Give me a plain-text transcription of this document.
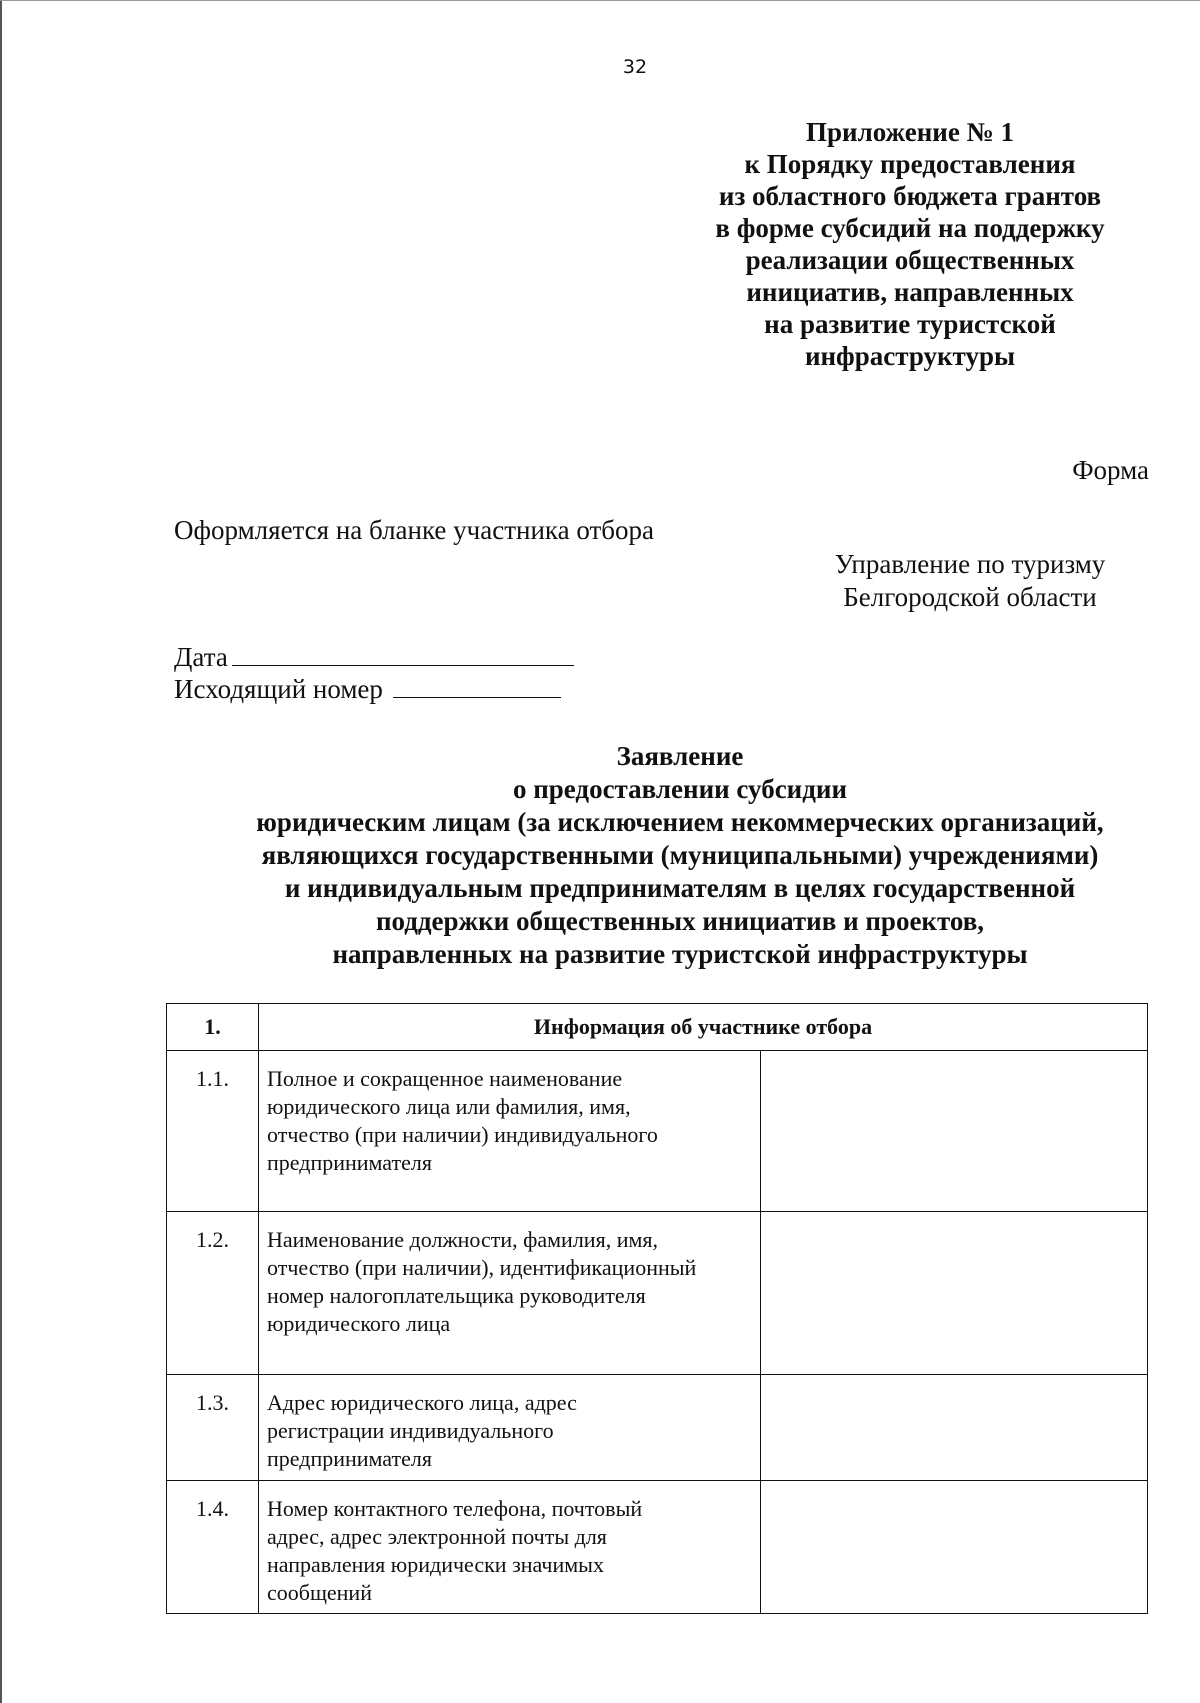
32
Приложение № 1
к Порядку предоставления
из областного бюджета грантов
в форме субсидий на поддержку
реализации общественных
инициатив, направленных
на развитие туристской
инфраструктуры
Форма
Оформляется на бланке участника отбора
Управление по туризму
Белгородской области
Дата
Исходящий номер
Заявление
о предоставлении субсидии
юридическим лицам (за исключением некоммерческих организаций,
являющихся государственными (муниципальными) учреждениями)
и индивидуальным предпринимателям в целях государственной
поддержки общественных инициатив и проектов,
направленных на развитие туристской инфраструктуры
1.	Информация об участнике отбора	
1.1.	Полное и сокращенное наименование
юридического лица или фамилия, имя,
отчество (при наличии) индивидуального
предпринимателя	

1.2.	Наименование должности, фамилия, имя,
отчество (при наличии), идентификационный
номер налогоплательщика руководителя
юридического лица	

1.3.	Адрес юридического лица, адрес
регистрации индивидуального
предпринимателя	

1.4.	Номер контактного телефона, почтовый
адрес, адрес электронной почты для
направления юридически значимых
сообщений	
